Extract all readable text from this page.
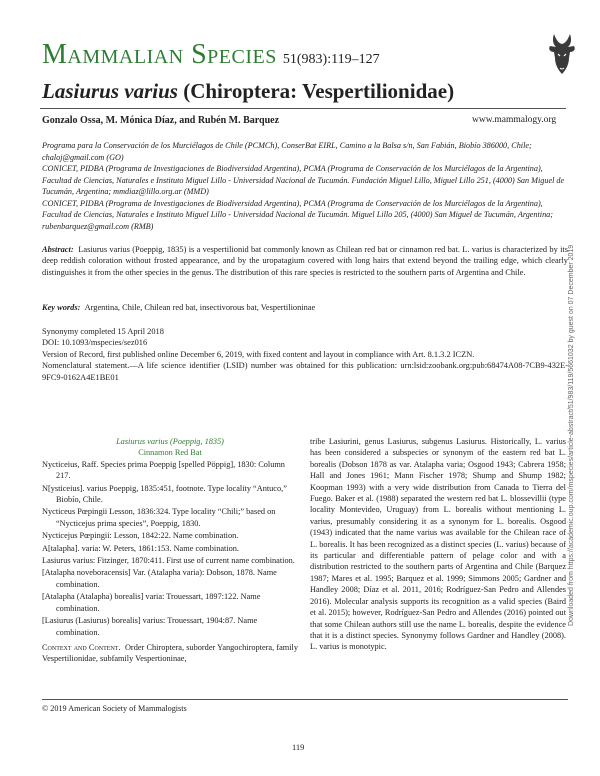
Mammalian Species 51(983):119–127
Lasiurus varius (Chiroptera: Vespertilionidae)
Gonzalo Ossa, M. Mónica Díaz, and Rubén M. Barquez	www.mammalogy.org

Programa para la Conservación de los Murciélagos de Chile (PCMCh), ConserBat EIRL, Camino a la Balsa s/n, San Fabián, Biobío 386000, Chile; chaloj@gmail.com (GO)

CONICET, PIDBA (Programa de Investigaciones de Biodiversidad Argentina), PCMA (Programa de Conservación de los Murciélagos de la Argentina), Facultad de Ciencias, Naturales e Instituto Miguel Lillo - Universidad Nacional de Tucumán. Fundación Miguel Lillo, Miguel Lillo 251, (4000) San Miguel de Tucumán, Argentina; mmdiaz@lillo.org.ar (MMD)

CONICET, PIDBA (Programa de Investigaciones de Biodiversidad Argentina), PCMA (Programa de Conservación de los Murciélagos de la Argentina), Facultad de Ciencias, Naturales e Instituto Miguel Lillo - Universidad Nacional de Tucumán. Miguel Lillo 205, (4000) San Miguel de Tucumán, Argentina; rubenbarquez@gmail.com (RMB)

Abstract: Lasiurus varius (Poeppig, 1835) is a vespertilionid bat commonly known as Chilean red bat or cinnamon red bat. L. varius is characterized by its deep reddish coloration without frosted appearance, and by the uropatagium covered with long hairs that extend beyond the trailing edge, which clearly distinguishes it from the other species in the genus. The distribution of this rare species is restricted to the southern parts of Argentina and Chile.

Key words: Argentina, Chile, Chilean red bat, insectivorous bat, Vespertilioninae

Synonymy completed 15 April 2018

DOI: 10.1093/mspecies/sez016

Version of Record, first published online December 6, 2019, with fixed content and layout in compliance with Art. 8.1.3.2 ICZN.

Nomenclatural statement.—A life science identifier (LSID) number was obtained for this publication: urn:lsid:zoobank.org:pub:68474A08-7CB9-432E-9FC9-0162A4E1BE01

Lasiurus varius (Poeppig, 1835)

Cinnamon Red Bat

Nycticeius, Raff. Species prima Poeppig [spelled Pöppig], 1830: Column 217.

N[ysticeius]. varius Poeppig, 1835:451, footnote. Type locality “Antuco,” Biobío, Chile.

Nycticeus Pœpingii Lesson, 1836:324. Type locality “Chili;” based on “Nycticejus prima species”, Poeppig, 1830.

Nycticejus Pœpingii: Lesson, 1842:22. Name combination.

A[talapha]. varia: W. Peters, 1861:153. Name combination.

Lasiurus varius: Fitzinger, 1870:411. First use of current name combination.

[Atalapha noveboracensis] Var. (Atalapha varia): Dobson, 1878. Name combination.

[Atalapha (Atalapha) borealis] varia: Trouessart, 1897:122. Name combination.

[Lasiurus (Lasiurus) borealis] varius: Trouessart, 1904:87. Name combination.

Context and Content. Order Chiroptera, suborder Yangochiroptera, family Vespertilionidae, subfamily Vespertioninae,

tribe Lasiurini, genus Lasiurus, subgenus Lasiurus. Historically, L. varius has been considered a subspecies or synonym of the eastern red bat L. borealis (Dobson 1878 as var. Atalapha varia; Osgood 1943; Cabrera 1958; Hall and Jones 1961; Mann Fischer 1978; Shump and Shump 1982; Koopman 1993) with a very wide distribution from Canada to Tierra del Fuego. Baker et al. (1988) separated the western red bat L. blossevillii (type locality Montevideo, Uruguay) from L. borealis without mentioning L. varius, presumably considering it as a synonym for L. borealis. Osgood (1943) indicated that the name varius was available for the Chilean race of L. borealis. It has been recognized as a distinct species (L. varius) because of its particular and differentiable pattern of pelage color and with a distribution restricted to the southern parts of Argentina and Chile (Barquez 1987; Mares et al. 1995; Barquez et al. 1999; Simmons 2005; Gardner and Handley 2008; Díaz et al. 2011, 2016; Rodríguez-San Pedro and Allendes 2016). Molecular analysis supports its recognition as a valid species (Baird et al. 2015); however, Rodríguez-San Pedro and Allendes (2016) pointed out that some Chilean authors still use the name L. borealis, despite the evidence that it is a distinct species. Synonymy follows Gardner and Handley (2008). L. varius is monotypic.

© 2019 American Society of Mammalogists
119
Downloaded from https://academic.oup.com/mspecies/article-abstract/51/983/119/5661032 by guest on 07 December 2019
